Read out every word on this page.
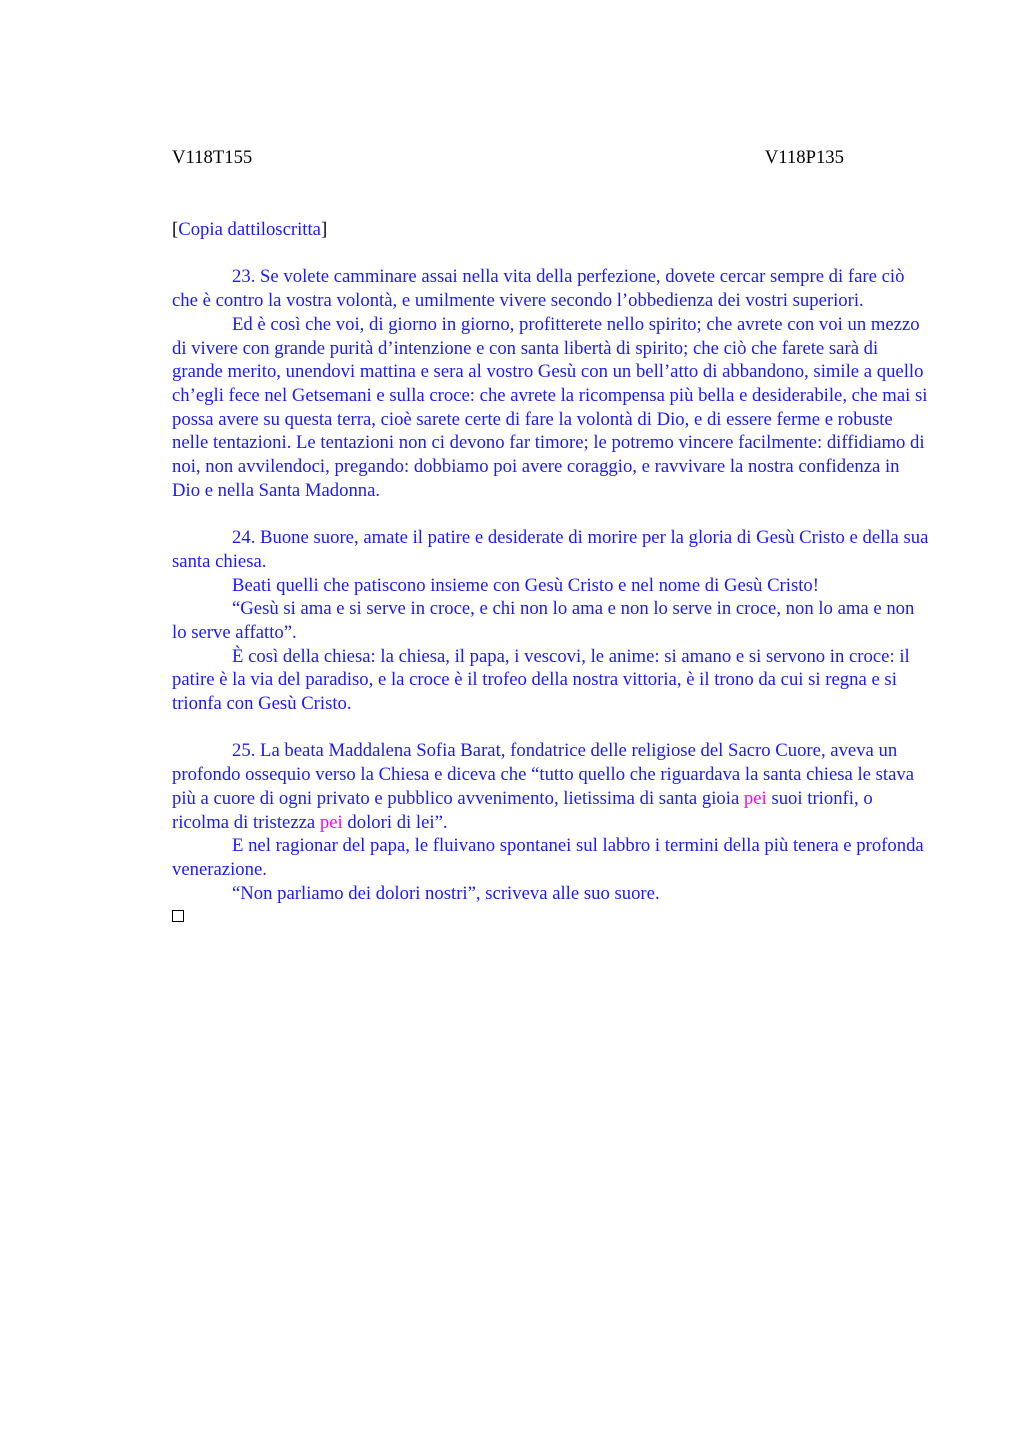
V118T155	V118P135
[Copia dattiloscritta]

23. Se volete camminare assai nella vita della perfezione, dovete cercar sempre di fare ciò che è contro la vostra volontà, e umilmente vivere secondo l’obbedienza dei vostri superiori.

Ed è così che voi, di giorno in giorno, profitterete nello spirito; che avrete con voi un mezzo di vivere con grande purità d’intenzione e con santa libertà di spirito; che ciò che farete sarà di grande merito, unendovi mattina e sera al vostro Gesù con un bell’atto di abbandono, simile a quello ch’egli fece nel Getsemani e sulla croce: che avrete la ricompensa più bella e desiderabile, che mai si possa avere su questa terra, cioè sarete certe di fare la volontà di Dio, e di essere ferme e robuste nelle tentazioni. Le tentazioni non ci devono far timore; le potremo vincere facilmente: diffidiamo di noi, non avvilendoci, pregando: dobbiamo poi avere coraggio, e ravvivare la nostra confidenza in Dio e nella Santa Madonna.

24. Buone suore, amate il patire e desiderate di morire per la gloria di Gesù Cristo e della sua santa chiesa.

Beati quelli che patiscono insieme con Gesù Cristo e nel nome di Gesù Cristo!

“Gesù si ama e si serve in croce, e chi non lo ama e non lo serve in croce, non lo ama e non lo serve affatto”.

È così della chiesa: la chiesa, il papa, i vescovi, le anime: si amano e si servono in croce: il patire è la via del paradiso, e la croce è il trofeo della nostra vittoria, è il trono da cui si regna e si trionfa con Gesù Cristo.

25. La beata Maddalena Sofia Barat, fondatrice delle religiose del Sacro Cuore, aveva un profondo ossequio verso la Chiesa e diceva che “tutto quello che riguardava la santa chiesa le stava più a cuore di ogni privato e pubblico avvenimento, lietissima di santa gioia pei suoi trionfi, o ricolma di tristezza pei dolori di lei”.

E nel ragionar del papa, le fluivano spontanei sul labbro i termini della più tenera e profonda venerazione.

“Non parliamo dei dolori nostri”, scriveva alle suo suore.
